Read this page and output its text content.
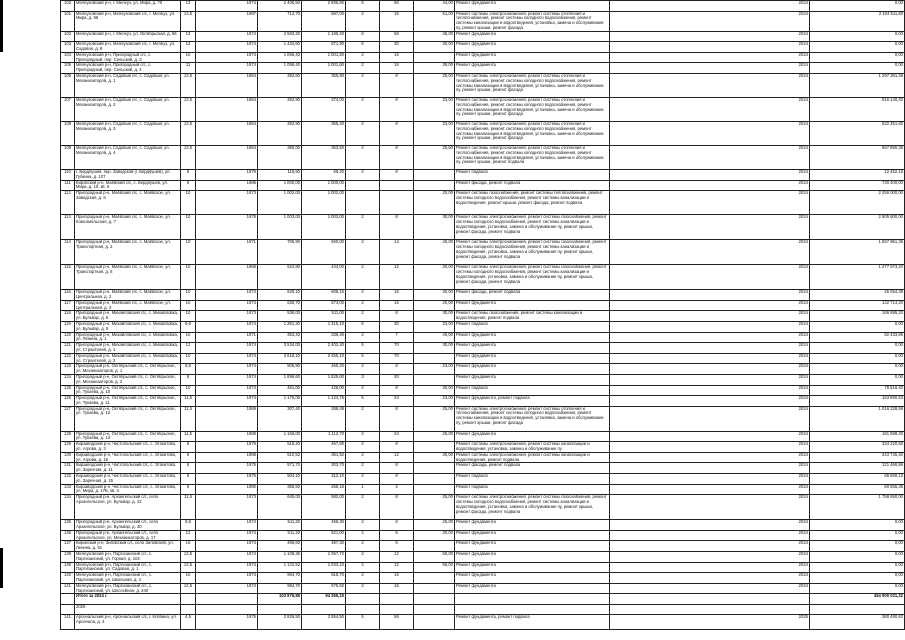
102	Мелеузовский р-н, г. Мелеуз, ул. Мира, д. 70	13	1974	2 406,50	2 896,80	5	60	44,00	Ремонт фундамента	2024	0,00
101	Мелеузовский р-н, Мелеузовский с/с, г. Мелеуз, ул. Мира, д. 68	13,5	1987	714,70	687,00	4	16	51,00	Ремонт системы электроснабжения, ремонт системы отопления и теплоснабжения, ремонт системы холодного водоснабжения, ремонт системы канализации и водоотведения, установка, замена и обслуживание пу, ремонт крыши, ремонт фасада	2024	2 104 511,80
102	Мелеузовский р-н, г. Мелеуз, ул. Октябрьская, д. 66	13	1974	2 583,20	1 185,40	6	56	36,00	Ремонт фундамента	2024	0,00
103	Мелеузовский р-н, Мелеузовский с/с, г. Мелеуз, ул. Садовая, д. 8	13	1974	1 434,60	871,90	6	30	30,00	Ремонт фундамента	2024	0,00
104	Мелеузовский р-н, Пригородный с/с, с. Пригородный, пер. Сельский, д. 3	10	1974	1 056,40	1 001,60	2	16		Ремонт фундамента	2024	0,00
105	Мелеузовский р-н, Пригородный с/с, с. Пригородный, пер. Сельский, д. 4	11	1974	1 056,40	1 001,60	2	16	39,00	Ремонт фундамента	2024	0,00
106	Мелеузовский р-н, Садовый с/с, с. Садовый, ул. Механизаторов, д. 1	13,5	1964	382,60	355,90	2	8	25,00	Ремонт системы электроснабжения, ремонт системы отопления и теплоснабжения, ремонт системы холодного водоснабжения, ремонт системы канализации и водоотведения, установка, замена и обслуживание пу, ремонт крыши, ремонт фасада	2024	1 297 361,48
107	Мелеузовский р-н, Садовый с/с, с. Садовый, ул. Механизаторов, д. 2	13,5	1964	382,90	374,00	2	8	23,00	Ремонт системы электроснабжения, ремонт системы отопления и теплоснабжения, ремонт системы холодного водоснабжения, ремонт системы канализации и водоотведения, установка, замена и обслуживание пу, ремонт крыши, ремонт фасада	2024	916 140,40
108	Мелеузовский р-н, Садовый с/с, с. Садовый, ул. Механизаторов, д. 3	13,5	1964	382,90	365,40	2	8	23,00	Ремонт системы электроснабжения, ремонт системы отопления и теплоснабжения, ремонт системы холодного водоснабжения, ремонт системы канализации и водоотведения, установка, замена и обслуживание пу, ремонт крыши, ремонт фасада	2024	532 451,60
109	Мелеузовский р-н, Садовый с/с, с. Садовый, ул. Механизаторов, д. 4	13,5	1964	380,00	363,50	2	8	25,50	Ремонт системы электроснабжения, ремонт системы отопления и теплоснабжения, ремонт системы холодного водоснабжения, ремонт системы канализации и водоотведения, установка, замена и обслуживание пу, ремонт крыши, ремонт подвала	2024	667 990,36
110	г. Бердяушев, пер. Заводской (г. Бердяушев), ул. Губкина, д. 107	6	1979	116,50	66,20	2	8		Ремонт подвала	2024	12 452,16
111	Кировский р-н, Маёвский с/с, с. Бердяушев, ул. Мира, д. 10, кв. 6	8	1986	1 000,00	1 000,00				Ремонт фасада, ремонт подвала	2024	730 400,00
112	Пригородный р-н, Маёвский с/с, с. Маёвское, ул. Заводская, д. 5	10	1973	1 002,00	1 002,00			20,00	Ремонт системы газоснабжения, ремонт системы теплоснабжения, ремонт системы холодного водоснабжения, ремонт системы канализации и водоотведения, ремонт крыши, ремонт фасада, ремонт подвала	2024	2 259 000,00
113	Пригородный р-н, Маёвский с/с, с. Маёвское, ул. Комсомольская, д. 7	10	1978	1 003,00	1 003,00	2	8	30,00	Ремонт системы электроснабжения, ремонт системы газоснабжения, ремонт системы холодного водоснабжения, ремонт системы канализации и водоотведения, установка, замена и обслуживание пу, ремонт крыши, ремонт фасада, ремонт подвала	2024	2 805 600,00
114	Пригородный р-н, Маёвский с/с, с. Маёвское, ул. Транспортная, д. 2	10	1971	705,90	660,00	2	14	40,00	Ремонт системы электроснабжения, ремонт системы газоснабжения, ремонт системы холодного водоснабжения, ремонт системы канализации и водоотведения, установка, замена и обслуживание пу, ремонт крыши, ремонт фасада, ремонт подвала	2024	1 657 961,35
115	Пригородный р-н, Маёвский с/с, с. Маёвское, ул. Транспортная, д. 6	10	1968	524,80	444,00	2	12	30,00	Ремонт системы электроснабжения, ремонт системы газоснабжения, ремонт системы холодного водоснабжения, ремонт системы канализации и водоотведения, установка, замена и обслуживание пу, ремонт крыши, ремонт фасада, ремонт подвала	2024	1 277 973,20
116	Пригородный р-н, Маёвский с/с, с. Маёвское, ул. Центральная, д. 2	10	1973	629,10	605,15	2	16	30,00	Ремонт фасада, ремонт подвала	2024	45 054,39
117	Пригородный р-н, Маёвский с/с, с. Маёвское, ул. Центральная, д. 3	10	1973	630,70	574,00	2	16	20,00	Ремонт фундамента	2024	142 714,20
118	Пригородный р-н, Михайловский с/с, с. Михайловка, ул. Бульвар, д. 6	10	1973	538,00	511,00	2	8	30,00	Ремонт системы газоснабжения, ремонт системы канализации и водоотведения, ремонт подвала	2024	166 985,20
119	Пригородный р-н, Михайловский с/с, с. Михайловка, ул. Бульвар, д. 8	9,5	1974	1 391,30	1 315,10	6	30	23,00	Ремонт подвала	2024	0,00
120	Пригородный р-н, Михайловский с/с, с. Михайловка, ул. Ленина, д. 1	10	1971	353,40	336,40	2	7	40,00	Ремонт фундамента	2024	82 433,85
121	Пригородный р-н, Михайловский с/с, с. Михайловка, ул. Строителей, д. 1	12	1974	3 534,00	2 402,40	5	70	30,00	Ремонт фундамента	2024	0,00
122	Пригородный р-н, Михайловский с/с, с. Михайловка, ул. Строителей, д. 2	10	1974	3 618,10	2 455,10	5	70		Ремонт фундамента	2024	0,00
123	Пригородный р-н, Октябрьский с/с, с. Октябрьское, ул. Механизаторов, д. 1	9,5	1974	506,90	455,20	2	8	23,00	Ремонт фундамента	2024	0,00
124	Пригородный р-н, Октябрьский с/с, с. Октябрьское, ул. Механизаторов, д. 2	8	1974	1 696,60	1 525,60	3	30		Ремонт фундамента	2024	0,00
125	Пригородный р-н, Октябрьский с/с, с. Октябрьское, ул. Тукаева, д. 10	10	1973	461,00	426,00	2	8	30,00	Ремонт подвала	2024	78 516,40
126	Пригородный р-н, Октябрьский с/с, с. Октябрьское, ул. Тукаева, д. 11	11,5	1974	1 176,00	1 124,75	5	24	23,00	Ремонт фундамента, ремонт подвала	2024	153 890,63
127	Пригородный р-н, Октябрьский с/с, с. Октябрьское, ул. Тукаева, д. 12	11,5	1989	307,40	288,48	2	8	25,00	Ремонт системы электроснабжения, ремонт системы отопления и теплоснабжения, ремонт системы холодного водоснабжения, ремонт системы канализации и водоотведения, установка, замена и обслуживание пу, ремонт крыши, ремонт фасада	2024	1 016 228,59
128	Пригородный р-н, Октябрьский с/с, с. Октябрьское, ул. Тукаева, д. 13	11,5	1989	1 156,00	1 112,70	4	24	25,00	Ремонт фундамента	2024	181 599,40
129	Кирзаводский р-н, Чистопольский с/с, с. Этахитово, ул. Агрова, д. 3	6	1979	515,20	467,60	2	8		Ремонт системы электроснабжения, ремонт системы канализации и водоотведения, установка, замена и обслуживание пу	2024	334 220,50
130	Кирзаводский р-н, Чистопольский с/с, с. Этахитово, ул. Агрова, д. 15	6	1988	510,52	351,92	2	12	30,00	Ремонт системы электроснабжения, ремонт системы канализации и водоотведения, ремонт подвала	2024	343 745,40
131	Кирзаводский р-н, Чистопольский с/с, с. Этахитово, ул. Заречная, д. 11	6	1975	571,70	303,70	2	8		Ремонт фасада, ремонт подвала	2024	121 466,86
132	Кирзаводский р-н, Чистопольский с/с, с. Этахитово, ул. Заречная, д. 15	6	1975	504,10	312,10	2	8		Ремонт подвала	2024	89 669,13
133	Кирзаводский р-н, Чистопольский с/с, с. Этахитово, ул. Мира, д. 17Б, кв. 4	6	1980	365,50	256,16	1	4		Ремонт подвала	2024	60 555,35
134	Пригородный р-н, Архангельский с/с, село Архангельское, ул. Бульвар, д. 22	11,5	1973	645,00	582,00	2	8	25,00	Ремонт системы электроснабжения, ремонт системы газоснабжения, ремонт системы холодного водоснабжения, ремонт системы канализации и водоотведения, установка, замена и обслуживание пу, ремонт крыши, ремонт фасада, ремонт подвала	2024	1 758 650,00
135	Пригородный р-н, Архангельский с/с, село Архангельское, ул. Бульвар, д. 30	9,5	1974	511,20	466,30	2	8	25,00	Ремонт фундамента	2024	0,00
136	Пригородный р-н, Архангельский с/с, село Архангельское, ул. Механизаторов, д. 17	12	1974	511,20	521,00	2	8	30,00	Ремонт фундамента	2024	0,00
137	Кировский р-н, Зиловский с/с, село Зиловский, ул. Ленина, д. 51	15	1974	496,60	487,30	2	8		Ремонт фундамента	2024	0,00
138	Мелеузовский р-н, Партизанский с/с, с. Партизанский, ул. Горная, д. 104	13,5	1974	1 108,36	1 057,72	2	12	56,00	Ремонт фундамента	2024	0,00
139	Мелеузовский р-н, Партизанский с/с, с. Партизанский, ул. Садовая, д. 1	13,5	1974	1 122,52	1 033,10	2	12	56,00	Ремонт фундамента	2024	0,00
140	Мелеузовский р-н, Партизанский с/с, с. Партизанский, ул. Школьная, д. 4	10	1974	984,70	915,70	2	16		Ремонт фундамента	2024	0,00
141	Мелеузовский р-н, Партизанский с/с, с. Партизанский, ул. Шоссейная, д. 240	12,5	1974	984,70	675,50	2	16		Ремонт фундамента	2024	0,00
	Итого за 2024 г.			103 876,88	94 355,15						454 900 031,32
	2025										
141	Арсенальский р-н, Арсенальский с/с, г. Кляпино, ул. Арсенала, д. 3	4,5	1975	2 826,50	2 554,50	5	56		Ремонт фундамента, ремонт подвала	2025	380 490,82
